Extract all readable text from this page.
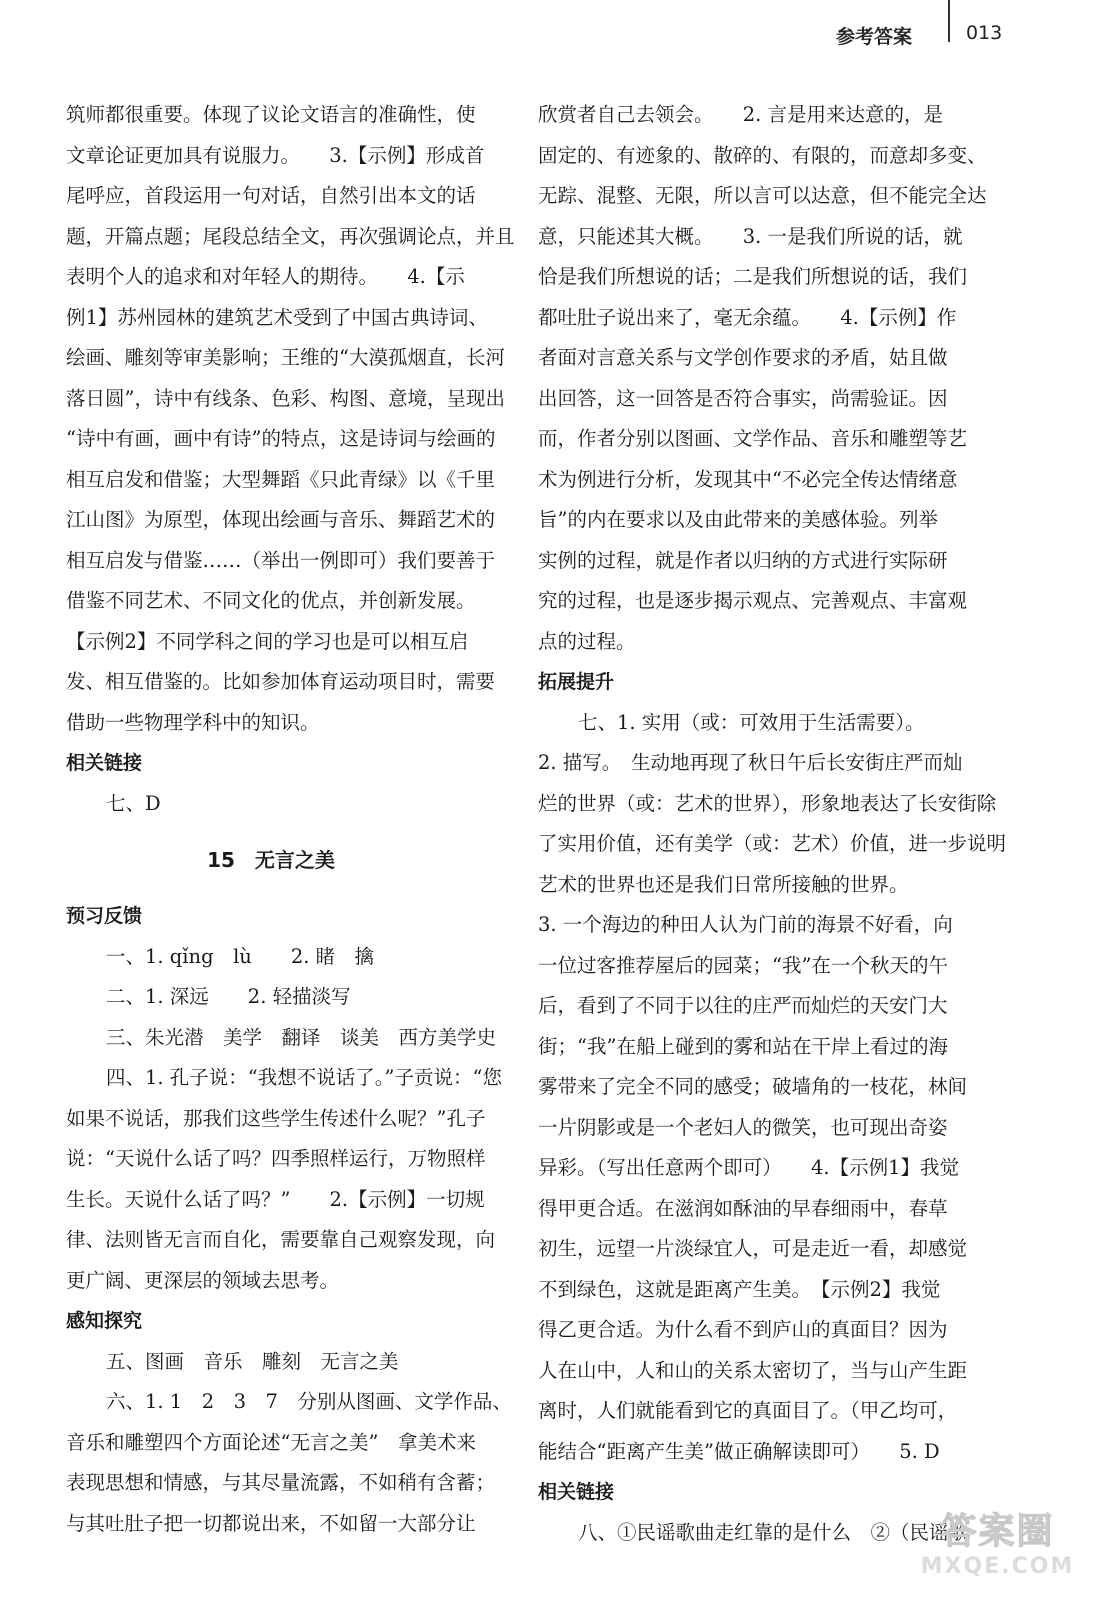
参考答案	013

筑师都很重要。体现了议论文语言的准确性，使

文章论证更加具有说服力。　　3.【示例】形成首

尾呼应，首段运用一句对话，自然引出本文的话

题，开篇点题；尾段总结全文，再次强调论点，并且

表明个人的追求和对年轻人的期待。　　4.【示

例1】苏州园林的建筑艺术受到了中国古典诗词、

绘画、雕刻等审美影响；王维的“大漠孤烟直，长河

落日圆”，诗中有线条、色彩、构图、意境，呈现出

“诗中有画，画中有诗”的特点，这是诗词与绘画的

相互启发和借鉴；大型舞蹈《只此青绿》以《千里

江山图》为原型，体现出绘画与音乐、舞蹈艺术的

相互启发与借鉴……（举出一例即可）我们要善于

借鉴不同艺术、不同文化的优点，并创新发展。

【示例2】不同学科之间的学习也是可以相互启

发、相互借鉴的。比如参加体育运动项目时，需要

借助一些物理学科中的知识。

相关链接

七、D

15　无言之美
预习反馈

一、1. qǐng　lù　　2. 睹　擒

二、1. 深远　　2. 轻描淡写

三、朱光潜　美学　翻译　谈美　西方美学史

四、1. 孔子说：“我想不说话了。”子贡说：“您

如果不说话，那我们这些学生传述什么呢？”孔子

说：“天说什么话了吗？四季照样运行，万物照样

生长。天说什么话了吗？”　　2.【示例】一切规

律、法则皆无言而自化，需要靠自己观察发现，向

更广阔、更深层的领域去思考。

感知探究

五、图画　音乐　雕刻　无言之美

六、1. 1　2　3　7　分别从图画、文学作品、

音乐和雕塑四个方面论述“无言之美”　拿美术来

表现思想和情感，与其尽量流露，不如稍有含蓄；

与其吐肚子把一切都说出来，不如留一大部分让

欣赏者自己去领会。　　2. 言是用来达意的，是

固定的、有迹象的、散碎的、有限的，而意却多变、

无踪、混整、无限，所以言可以达意，但不能完全达

意，只能述其大概。　　3. 一是我们所说的话，就

恰是我们所想说的话；二是我们所想说的话，我们

都吐肚子说出来了，毫无余蕴。　　4.【示例】作

者面对言意关系与文学创作要求的矛盾，姑且做

出回答，这一回答是否符合事实，尚需验证。因

而，作者分别以图画、文学作品、音乐和雕塑等艺

术为例进行分析，发现其中“不必完全传达情绪意

旨”的内在要求以及由此带来的美感体验。列举

实例的过程，就是作者以归纳的方式进行实际研

究的过程，也是逐步揭示观点、完善观点、丰富观

点的过程。

拓展提升

七、1. 实用（或：可效用于生活需要）。

2. 描写。　生动地再现了秋日午后长安街庄严而灿

烂的世界（或：艺术的世界），形象地表达了长安街除

了实用价值，还有美学（或：艺术）价值，进一步说明

艺术的世界也还是我们日常所接触的世界。

3. 一个海边的种田人认为门前的海景不好看，向

一位过客推荐屋后的园菜；“我”在一个秋天的午

后，看到了不同于以往的庄严而灿烂的天安门大

街；“我”在船上碰到的雾和站在干岸上看过的海

雾带来了完全不同的感受；破墙角的一枝花，林间

一片阴影或是一个老妇人的微笑，也可现出奇姿

异彩。（写出任意两个即可）　　4.【示例1】我觉

得甲更合适。在滋润如酥油的早春细雨中，春草

初生，远望一片淡绿宜人，可是走近一看，却感觉

不到绿色，这就是距离产生美。　【示例2】我觉

得乙更合适。为什么看不到庐山的真面目？因为

人在山中，人和山的关系太密切了，当与山产生距

离时，人们就能看到它的真面目了。（甲乙均可，

能结合“距离产生美”做正确解读即可）　　5. D

相关链接

八、①民谣歌曲走红靠的是什么　②（民谣歌

答案圈
MXQE.COM
